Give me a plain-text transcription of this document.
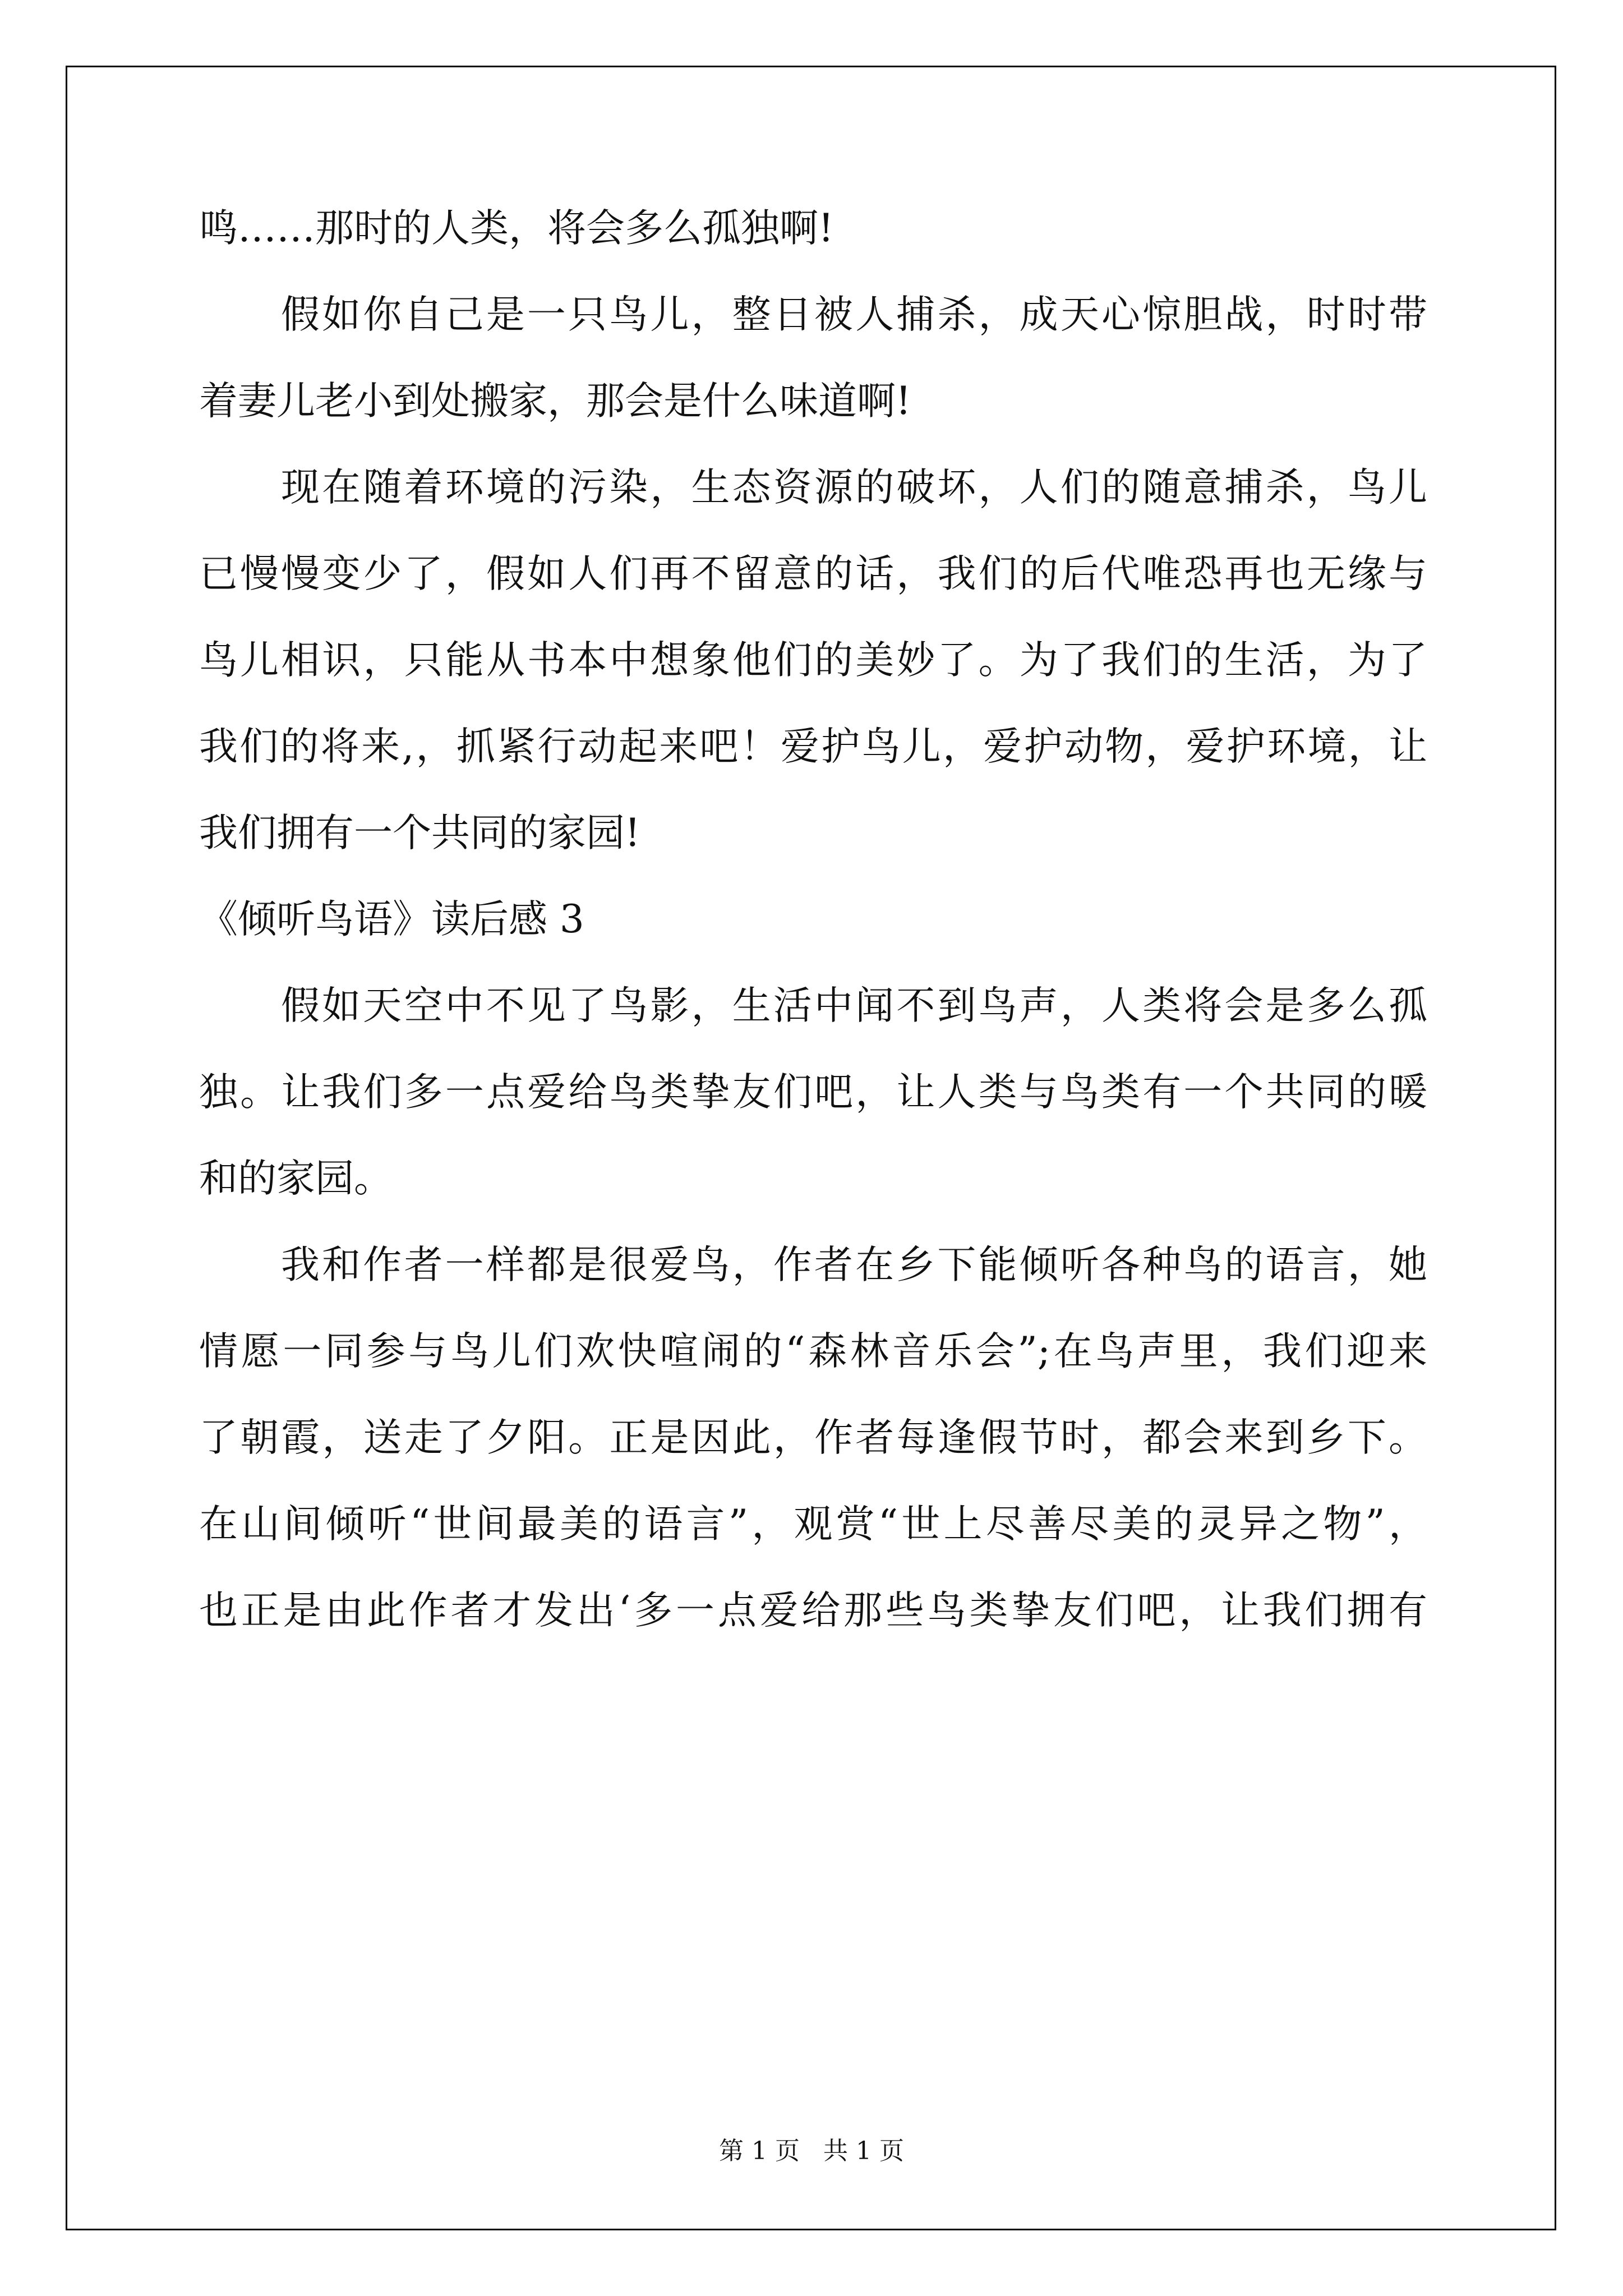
鸣……那时的人类，将会多么孤独啊!
假如你自己是一只鸟儿，整日被人捕杀，成天心惊胆战，时时带
着妻儿老小到处搬家，那会是什么味道啊!
现在随着环境的污染，生态资源的破坏，人们的随意捕杀，鸟儿
已慢慢变少了，假如人们再不留意的话，我们的后代唯恐再也无缘与
鸟儿相识，只能从书本中想象他们的美妙了。为了我们的生活，为了
我们的将来,，抓紧行动起来吧！爱护鸟儿，爱护动物，爱护环境，让
我们拥有一个共同的家园!
《倾听鸟语》读后感 3
假如天空中不见了鸟影，生活中闻不到鸟声，人类将会是多么孤
独。让我们多一点爱给鸟类挚友们吧，让人类与鸟类有一个共同的暖
和的家园。
我和作者一样都是很爱鸟，作者在乡下能倾听各种鸟的语言，她
情愿一同参与鸟儿们欢快喧闹的“森林音乐会”;在鸟声里，我们迎来
了朝霞，送走了夕阳。正是因此，作者每逢假节时，都会来到乡下。
在山间倾听“世间最美的语言”，观赏“世上尽善尽美的灵异之物”，
也正是由此作者才发出‘多一点爱给那些鸟类挚友们吧，让我们拥有
第 1 页 共 1 页
